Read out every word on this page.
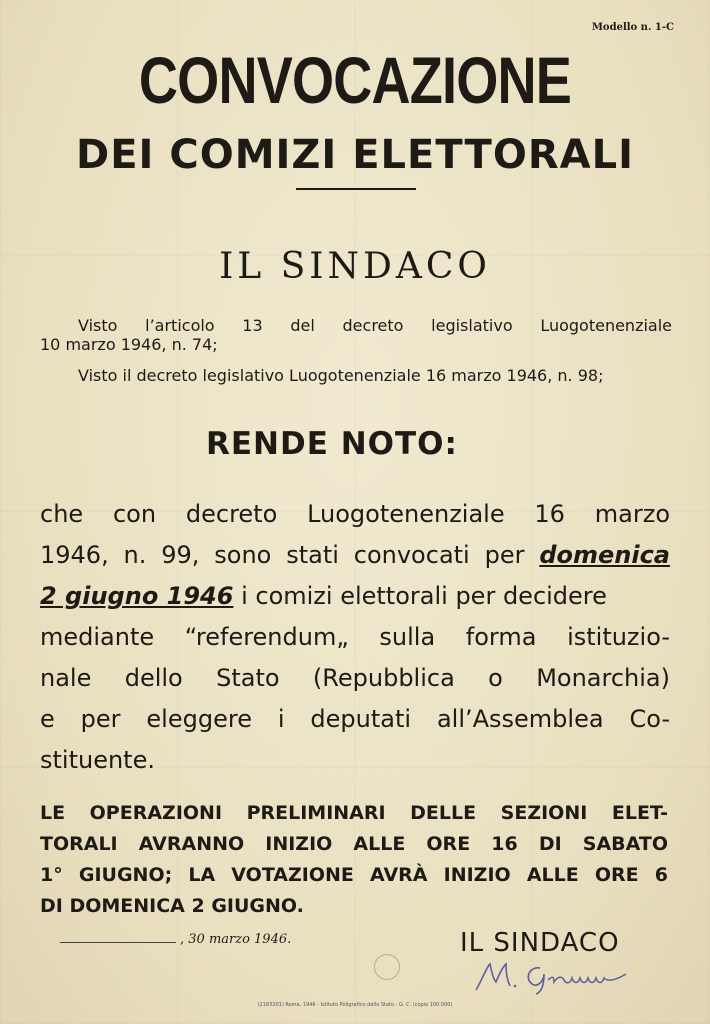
Modello n. 1-C
CONVOCAZIONE
DEI COMIZI ELETTORALI
IL SINDACO
Visto l’articolo 13 del decreto legislativo Luogotenenziale
10 marzo 1946, n. 74;
Visto il decreto legislativo Luogotenenziale 16 marzo 1946, n. 98;
RENDE NOTO:
che con decreto Luogotenenziale 16 marzo
1946, n. 99, sono stati convocati per domenica
2 giugno 1946 i comizi elettorali per decidere
mediante “referendum„ sulla forma istituzio-
nale dello Stato (Repubblica o Monarchia)
e per eleggere i deputati all’Assemblea Co-
stituente.
LE OPERAZIONI PRELIMINARI DELLE SEZIONI ELET-
TORALI AVRANNO INIZIO ALLE ORE 16 DI SABATO
1° GIUGNO; LA VOTAZIONE AVRÀ INIZIO ALLE ORE 6
DI DOMENICA 2 GIUGNO.
, 30 marzo 1946.	IL SINDACO
(2183201) Roma, 1946 - Istituto Poligrafico dello Stato - G. C. (copie 100.000)
